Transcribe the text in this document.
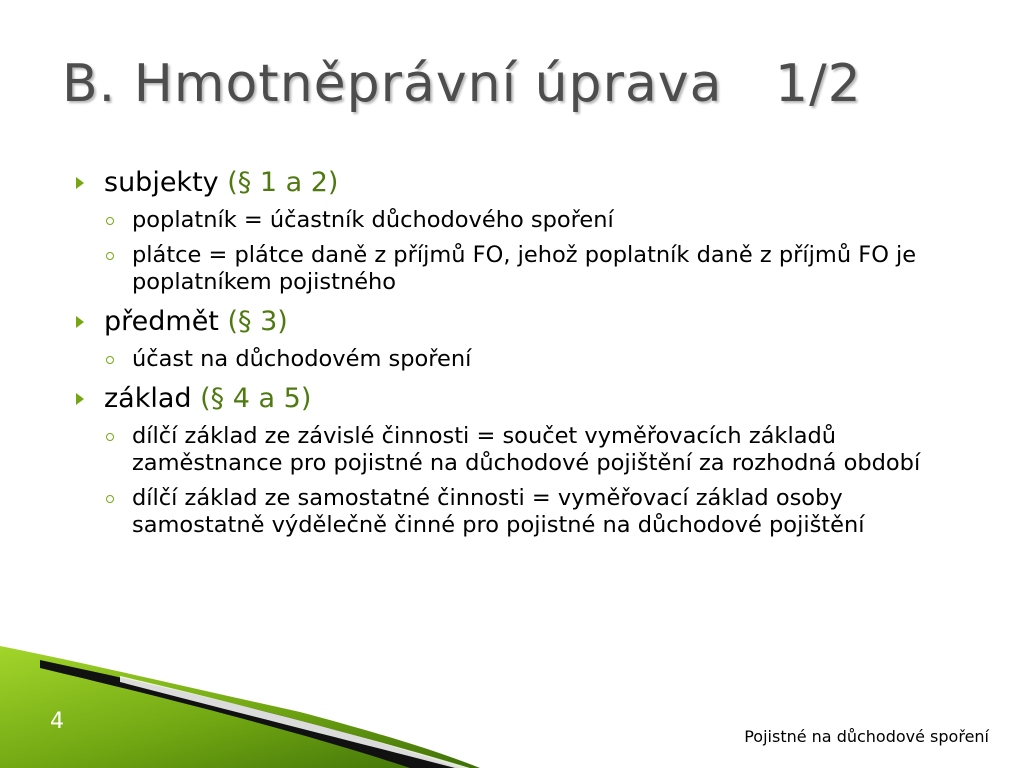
B. Hmotněprávní úprava   1/2
subjekty (§ 1 a 2)
poplatník = účastník důchodového spoření
plátce = plátce daně z příjmů FO, jehož poplatník daně z příjmů FO je poplatníkem pojistného
předmět (§ 3)
účast na důchodovém spoření
základ (§ 4 a 5)
dílčí základ ze závislé činnosti = součet vyměřovacích základů zaměstnance pro pojistné na důchodové pojištění za rozhodná období
dílčí základ ze samostatné činnosti = vyměřovací základ osoby samostatně výdělečně činné pro pojistné na důchodové pojištění
4
Pojistné na důchodové spoření
